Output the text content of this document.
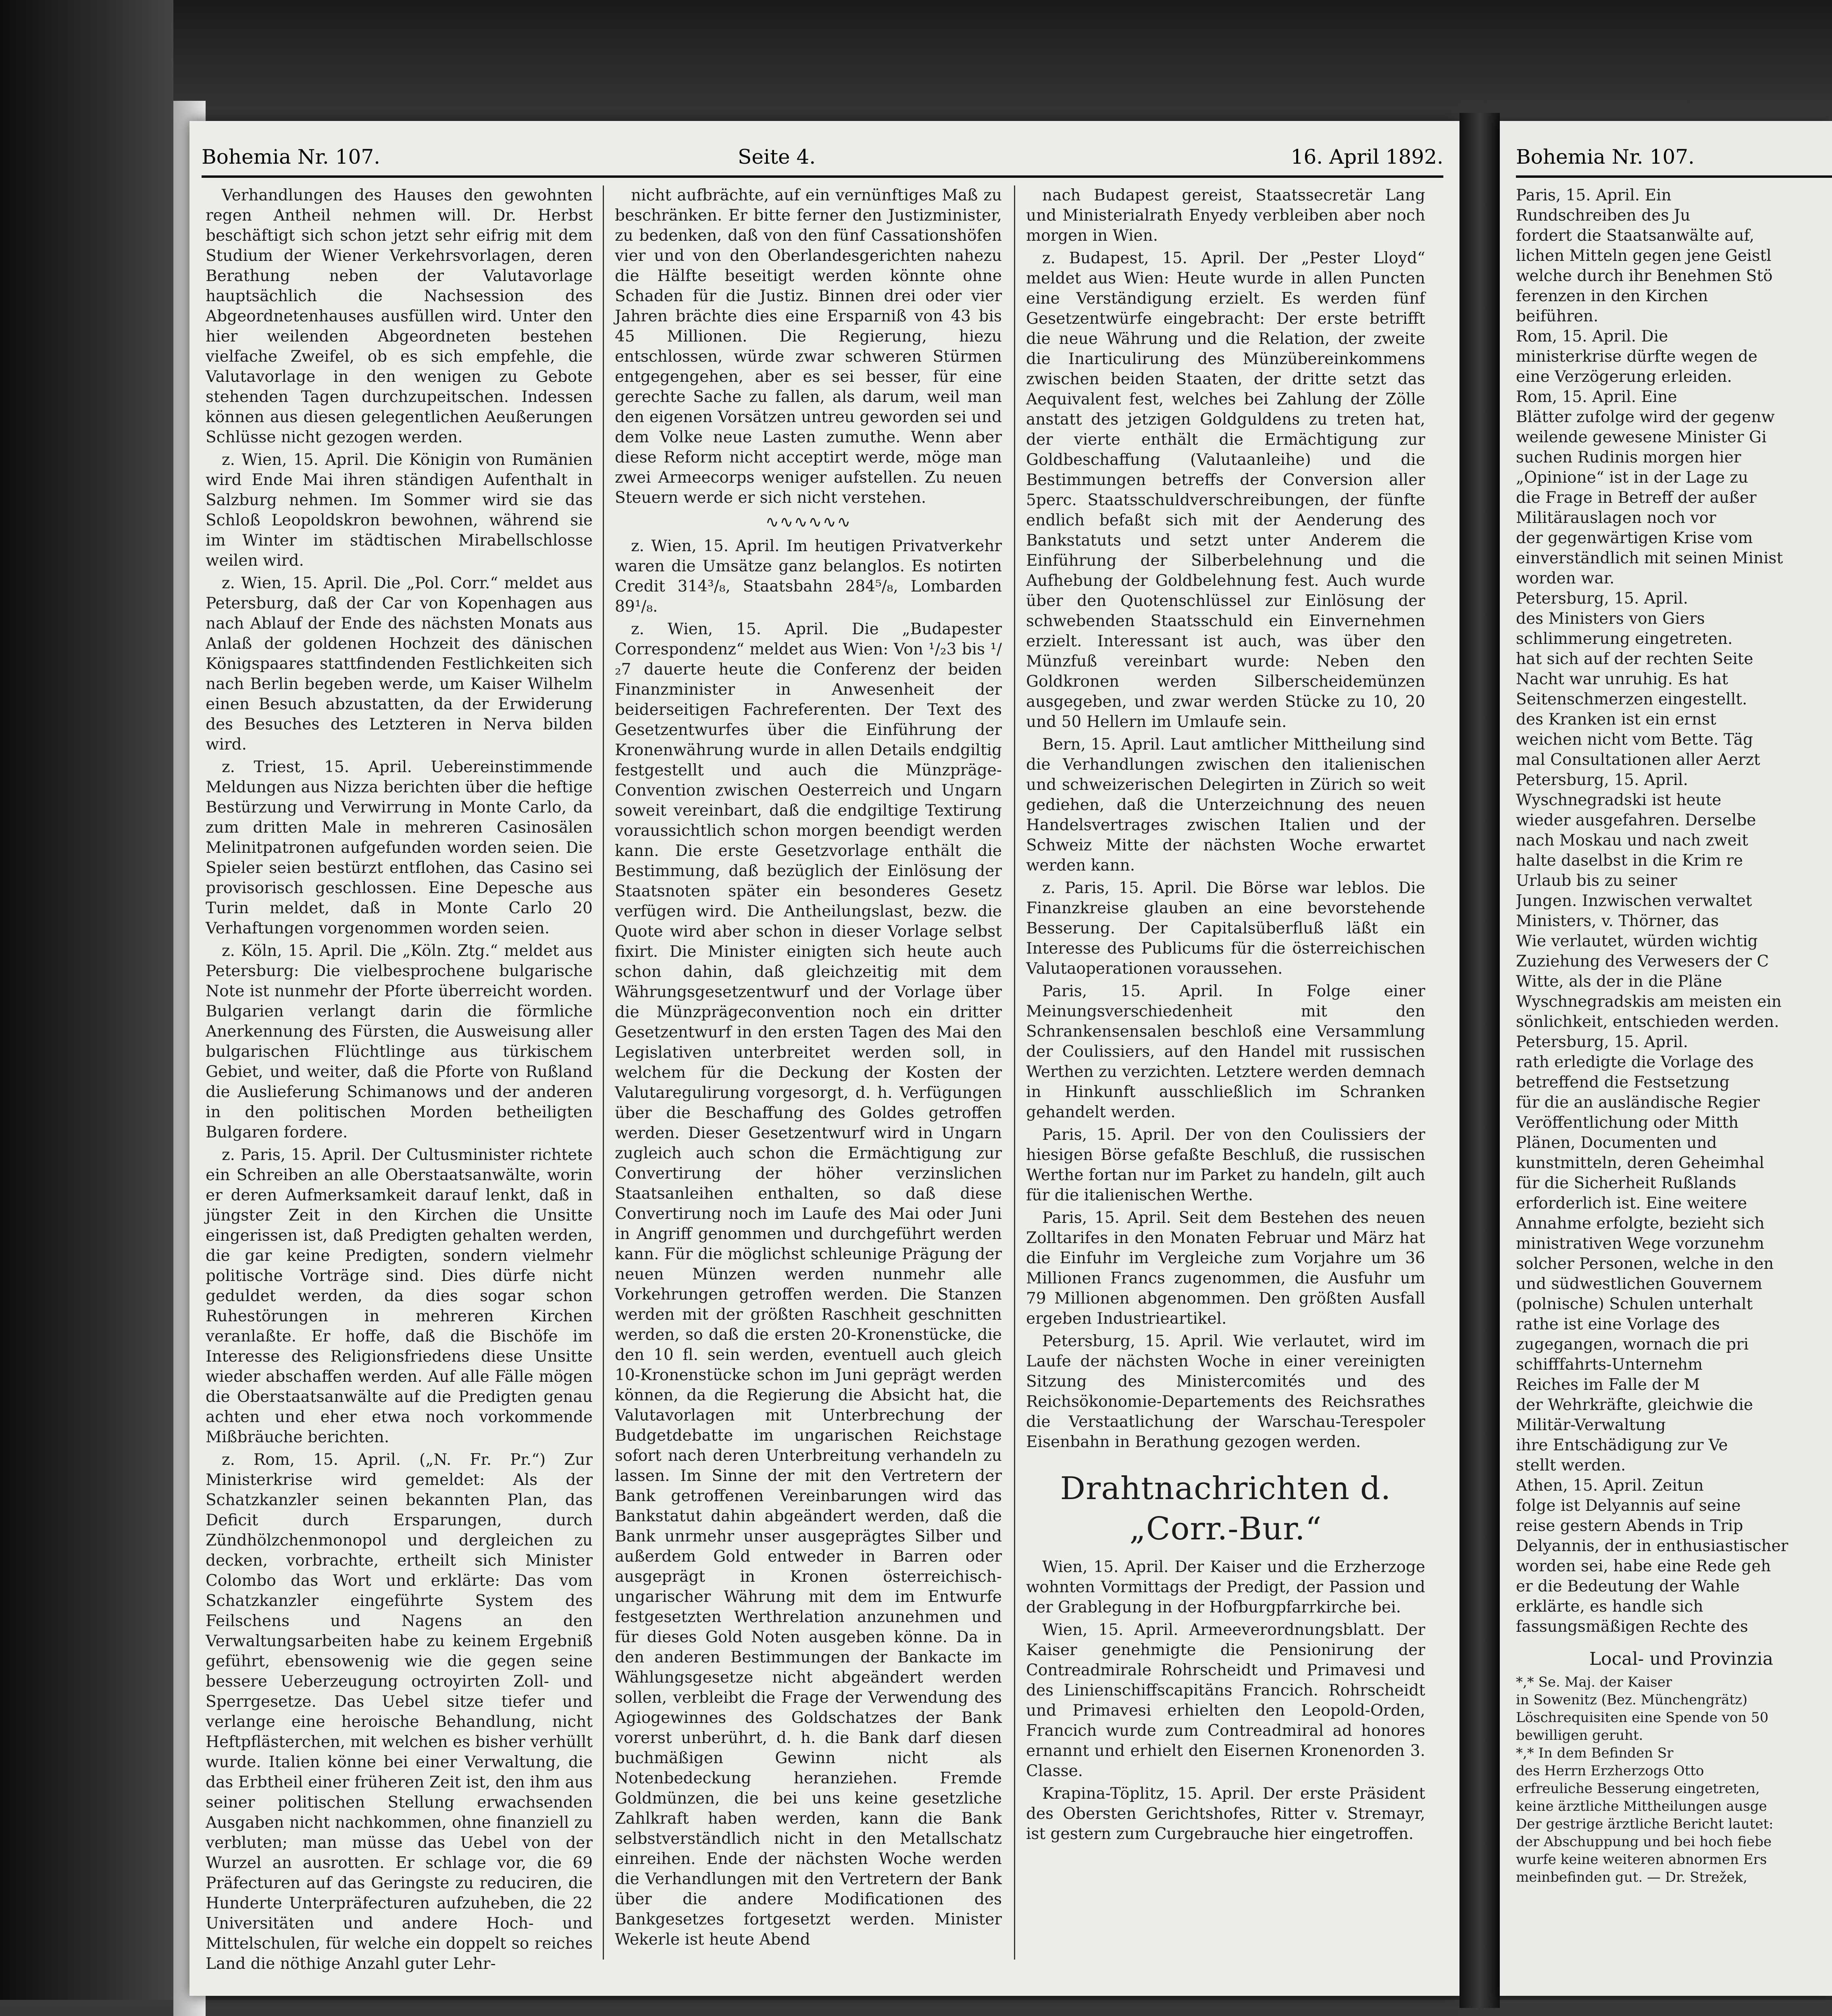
Bohemia Nr. 107.	Seite 4.	16. April 1892.

Verhandlungen des Hauses den gewohnten regen Antheil nehmen will. Dr. Herbst beschäftigt sich schon jetzt sehr eifrig mit dem Studium der Wiener Verkehrsvorlagen, deren Berathung neben der Valutavorlage hauptsächlich die Nachsession des Abgeordnetenhauses ausfüllen wird. Unter den hier weilenden Abgeordneten bestehen vielfache Zweifel, ob es sich empfehle, die Valutavorlage in den wenigen zu Gebote stehenden Tagen durchzupeitschen. Indessen können aus diesen gelegentlichen Aeußerungen Schlüsse nicht gezogen werden.

z. Wien, 15. April. Die Königin von Rumänien wird Ende Mai ihren ständigen Aufenthalt in Salzburg nehmen. Im Sommer wird sie das Schloß Leopoldskron bewohnen, während sie im Winter im städtischen Mirabellschlosse weilen wird.

z. Wien, 15. April. Die „Pol. Corr.“ meldet aus Petersburg, daß der Car von Kopenhagen aus nach Ablauf der Ende des nächsten Monats aus Anlaß der goldenen Hochzeit des dänischen Königspaares stattfindenden Festlichkeiten sich nach Berlin begeben werde, um Kaiser Wilhelm einen Besuch abzustatten, da der Erwiderung des Besuches des Letzteren in Nerva bilden wird.

z. Triest, 15. April. Uebereinstimmende Meldungen aus Nizza berichten über die heftige Bestürzung und Verwirrung in Monte Carlo, da zum dritten Male in mehreren Casinosälen Melinitpatronen aufgefunden worden seien. Die Spieler seien bestürzt entflohen, das Casino sei provisorisch geschlossen. Eine Depesche aus Turin meldet, daß in Monte Carlo 20 Verhaftungen vorgenommen worden seien.

z. Köln, 15. April. Die „Köln. Ztg.“ meldet aus Petersburg: Die vielbesprochene bulgarische Note ist nunmehr der Pforte überreicht worden. Bulgarien verlangt darin die förmliche Anerkennung des Fürsten, die Ausweisung aller bulgarischen Flüchtlinge aus türkischem Gebiet, und weiter, daß die Pforte von Rußland die Auslieferung Schimanows und der anderen in den politischen Morden betheiligten Bulgaren fordere.

z. Paris, 15. April. Der Cultusminister richtete ein Schreiben an alle Oberstaatsanwälte, worin er deren Aufmerksamkeit darauf lenkt, daß in jüngster Zeit in den Kirchen die Unsitte eingerissen ist, daß Predigten gehalten werden, die gar keine Predigten, sondern vielmehr politische Vorträge sind. Dies dürfe nicht geduldet werden, da dies sogar schon Ruhestörungen in mehreren Kirchen veranlaßte. Er hoffe, daß die Bischöfe im Interesse des Religionsfriedens diese Unsitte wieder abschaffen werden. Auf alle Fälle mögen die Oberstaatsanwälte auf die Predigten genau achten und eher etwa noch vorkommende Mißbräuche berichten.

z. Rom, 15. April. („N. Fr. Pr.“) Zur Ministerkrise wird gemeldet: Als der Schatzkanzler seinen bekannten Plan, das Deficit durch Ersparungen, durch Zündhölzchenmonopol und dergleichen zu decken, vorbrachte, ertheilt sich Minister Colombo das Wort und erklärte: Das vom Schatzkanzler eingeführte System des Feilschens und Nagens an den Verwaltungsarbeiten habe zu keinem Ergebniß geführt, ebensowenig wie die gegen seine bessere Ueberzeugung octroyirten Zoll- und Sperrgesetze. Das Uebel sitze tiefer und verlange eine heroische Behandlung, nicht Heftpflästerchen, mit welchen es bisher verhüllt wurde. Italien könne bei einer Verwaltung, die das Erbtheil einer früheren Zeit ist, den ihm aus seiner politischen Stellung erwachsenden Ausgaben nicht nachkommen, ohne finanziell zu verbluten; man müsse das Uebel von der Wurzel an ausrotten. Er schlage vor, die 69 Präfecturen auf das Geringste zu reduciren, die Hunderte Unterpräfecturen aufzuheben, die 22 Universitäten und andere Hoch- und Mittelschulen, für welche ein doppelt so reiches Land die nöthige Anzahl guter Lehr-

nicht aufbrächte, auf ein vernünftiges Maß zu beschränken. Er bitte ferner den Justizminister, zu bedenken, daß von den fünf Cassationshöfen vier und von den Oberlandesgerichten nahezu die Hälfte beseitigt werden könnte ohne Schaden für die Justiz. Binnen drei oder vier Jahren brächte dies eine Ersparniß von 43 bis 45 Millionen. Die Regierung, hiezu entschlossen, würde zwar schweren Stürmen entgegengehen, aber es sei besser, für eine gerechte Sache zu fallen, als darum, weil man den eigenen Vorsätzen untreu geworden sei und dem Volke neue Lasten zumuthe. Wenn aber diese Reform nicht acceptirt werde, möge man zwei Armeecorps weniger aufstellen. Zu neuen Steuern werde er sich nicht verstehen.

∿∿∿∿∿∿

z. Wien, 15. April. Im heutigen Privatverkehr waren die Umsätze ganz belanglos. Es notirten Credit 314³/₈, Staatsbahn 284⁵/₈, Lombarden 89¹/₈.

z. Wien, 15. April. Die „Budapester Correspondenz“ meldet aus Wien: Von ¹/₂3 bis ¹/₂7 dauerte heute die Conferenz der beiden Finanzminister in Anwesenheit der beiderseitigen Fachreferenten. Der Text des Gesetzentwurfes über die Einführung der Kronenwährung wurde in allen Details endgiltig festgestellt und auch die Münzpräge-Convention zwischen Oesterreich und Ungarn soweit vereinbart, daß die endgiltige Textirung voraussichtlich schon morgen beendigt werden kann. Die erste Gesetzvorlage enthält die Bestimmung, daß bezüglich der Einlösung der Staatsnoten später ein besonderes Gesetz verfügen wird. Die Antheilungslast, bezw. die Quote wird aber schon in dieser Vorlage selbst fixirt. Die Minister einigten sich heute auch schon dahin, daß gleichzeitig mit dem Währungsgesetzentwurf und der Vorlage über die Münzprägeconvention noch ein dritter Gesetzentwurf in den ersten Tagen des Mai den Legislativen unterbreitet werden soll, in welchem für die Deckung der Kosten der Valutaregulirung vorgesorgt, d. h. Verfügungen über die Beschaffung des Goldes getroffen werden. Dieser Gesetzentwurf wird in Ungarn zugleich auch schon die Ermächtigung zur Convertirung der höher verzinslichen Staatsanleihen enthalten, so daß diese Convertirung noch im Laufe des Mai oder Juni in Angriff genommen und durchgeführt werden kann. Für die möglichst schleunige Prägung der neuen Münzen werden nunmehr alle Vorkehrungen getroffen werden. Die Stanzen werden mit der größten Raschheit geschnitten werden, so daß die ersten 20-Kronenstücke, die den 10 fl. sein werden, eventuell auch gleich 10-Kronenstücke schon im Juni geprägt werden können, da die Regierung die Absicht hat, die Valutavorlagen mit Unterbrechung der Budgetdebatte im ungarischen Reichstage sofort nach deren Unterbreitung verhandeln zu lassen. Im Sinne der mit den Vertretern der Bank getroffenen Vereinbarungen wird das Bankstatut dahin abgeändert werden, daß die Bank unrmehr unser ausgeprägtes Silber und außerdem Gold entweder in Barren oder ausgeprägt in Kronen österreichisch-ungarischer Währung mit dem im Entwurfe festgesetzten Werthrelation anzunehmen und für dieses Gold Noten ausgeben könne. Da in den anderen Bestimmungen der Bankacte im Wählungsgesetze nicht abgeändert werden sollen, verbleibt die Frage der Verwendung des Agiogewinnes des Goldschatzes der Bank vorerst unberührt, d. h. die Bank darf diesen buchmäßigen Gewinn nicht als Notenbedeckung heranziehen. Fremde Goldmünzen, die bei uns keine gesetzliche Zahlkraft haben werden, kann die Bank selbstverständlich nicht in den Metallschatz einreihen. Ende der nächsten Woche werden die Verhandlungen mit den Vertretern der Bank über die andere Modificationen des Bankgesetzes fortgesetzt werden. Minister Wekerle ist heute Abend

nach Budapest gereist, Staatssecretär Lang und Ministerialrath Enyedy verbleiben aber noch morgen in Wien.

z. Budapest, 15. April. Der „Pester Lloyd“ meldet aus Wien: Heute wurde in allen Puncten eine Verständigung erzielt. Es werden fünf Gesetzentwürfe eingebracht: Der erste betrifft die neue Währung und die Relation, der zweite die Inarticulirung des Münzübereinkommens zwischen beiden Staaten, der dritte setzt das Aequivalent fest, welches bei Zahlung der Zölle anstatt des jetzigen Goldguldens zu treten hat, der vierte enthält die Ermächtigung zur Goldbeschaffung (Valutaanleihe) und die Bestimmungen betreffs der Conversion aller 5perc. Staatsschuldverschreibungen, der fünfte endlich befaßt sich mit der Aenderung des Bankstatuts und setzt unter Anderem die Einführung der Silberbelehnung und die Aufhebung der Goldbelehnung fest. Auch wurde über den Quotenschlüssel zur Einlösung der schwebenden Staatsschuld ein Einvernehmen erzielt. Interessant ist auch, was über den Münzfuß vereinbart wurde: Neben den Goldkronen werden Silberscheidemünzen ausgegeben, und zwar werden Stücke zu 10, 20 und 50 Hellern im Umlaufe sein.

Bern, 15. April. Laut amtlicher Mittheilung sind die Verhandlungen zwischen den italienischen und schweizerischen Delegirten in Zürich so weit gediehen, daß die Unterzeichnung des neuen Handelsvertrages zwischen Italien und der Schweiz Mitte der nächsten Woche erwartet werden kann.

z. Paris, 15. April. Die Börse war leblos. Die Finanzkreise glauben an eine bevorstehende Besserung. Der Capitalsüberfluß läßt ein Interesse des Publicums für die österreichischen Valutaoperationen voraussehen.

Paris, 15. April. In Folge einer Meinungsverschiedenheit mit den Schrankensensalen beschloß eine Versammlung der Coulissiers, auf den Handel mit russischen Werthen zu verzichten. Letztere werden demnach in Hinkunft ausschließlich im Schranken gehandelt werden.

Paris, 15. April. Der von den Coulissiers der hiesigen Börse gefaßte Beschluß, die russischen Werthe fortan nur im Parket zu handeln, gilt auch für die italienischen Werthe.

Paris, 15. April. Seit dem Bestehen des neuen Zolltarifes in den Monaten Februar und März hat die Einfuhr im Vergleiche zum Vorjahre um 36 Millionen Francs zugenommen, die Ausfuhr um 79 Millionen abgenommen. Den größten Ausfall ergeben Industrieartikel.

Petersburg, 15. April. Wie verlautet, wird im Laufe der nächsten Woche in einer vereinigten Sitzung des Ministercomités und des Reichsökonomie-Departements des Reichsrathes die Verstaatlichung der Warschau-Terespoler Eisenbahn in Berathung gezogen werden.

Drahtnachrichten d. „Corr.-Bur.“

Wien, 15. April. Der Kaiser und die Erzherzoge wohnten Vormittags der Predigt, der Passion und der Grablegung in der Hofburgpfarrkirche bei.

Wien, 15. April. Armeeverordnungsblatt. Der Kaiser genehmigte die Pensionirung der Contreadmirale Rohrscheidt und Primavesi und des Linienschiffscapitäns Francich. Rohrscheidt und Primavesi erhielten den Leopold-Orden, Francich wurde zum Contreadmiral ad honores ernannt und erhielt den Eisernen Kronenorden 3. Classe.

Krapina-Töplitz, 15. April. Der erste Präsident des Obersten Gerichtshofes, Ritter v. Stremayr, ist gestern zum Curgebrauche hier eingetroffen.

Bohemia Nr. 107.
Paris, 15. April. Ein
Rundschreiben des Ju
fordert die Staatsanwälte auf,
lichen Mitteln gegen jene Geistl
welche durch ihr Benehmen Stö
ferenzen in den Kirchen
beiführen.
Rom, 15. April. Die
ministerkrise dürfte wegen de
eine Verzögerung erleiden.
Rom, 15. April. Eine
Blätter zufolge wird der gegenw
weilende gewesene Minister Gi
suchen Rudinis morgen hier
„Opinione“ ist in der Lage zu
die Frage in Betreff der außer
Militärauslagen noch vor
der gegenwärtigen Krise vom
einverständlich mit seinen Minist
worden war.
Petersburg, 15. April.
des Ministers von Giers
schlimmerung eingetreten.
hat sich auf der rechten Seite
Nacht war unruhig. Es hat
Seitenschmerzen eingestellt.
des Kranken ist ein ernst
weichen nicht vom Bette. Täg
mal Consultationen aller Aerzt
Petersburg, 15. April.
Wyschnegradski ist heute
wieder ausgefahren. Derselbe
nach Moskau und nach zweit
halte daselbst in die Krim re
Urlaub bis zu seiner
Jungen. Inzwischen verwaltet
Ministers, v. Thörner, das
Wie verlautet, würden wichtig
Zuziehung des Verwesers der C
Witte, als der in die Pläne
Wyschnegradskis am meisten ein
sönlichkeit, entschieden werden.
Petersburg, 15. April.
rath erledigte die Vorlage des
betreffend die Festsetzung
für die an ausländische Regier
Veröffentlichung oder Mitth
Plänen, Documenten und
kunstmitteln, deren Geheimhal
für die Sicherheit Rußlands
erforderlich ist. Eine weitere
Annahme erfolgte, bezieht sich
ministrativen Wege vorzunehm
solcher Personen, welche in den
und südwestlichen Gouvernem
(polnische) Schulen unterhalt
rathe ist eine Vorlage des
zugegangen, wornach die pri
schifffahrts-Unternehm
Reiches im Falle der M
der Wehrkräfte, gleichwie die
Militär-Verwaltung
ihre Entschädigung zur Ve
stellt werden.
Athen, 15. April. Zeitun
folge ist Delyannis auf seine
reise gestern Abends in Trip
Delyannis, der in enthusiastischer
worden sei, habe eine Rede geh
er die Bedeutung der Wahle
erklärte, es handle sich
fassungsmäßigen Rechte des
Local- und Provinzia
*,* Se. Maj. der Kaiser
in Sowenitz (Bez. Münchengrätz)
Löschrequisiten eine Spende von 50
bewilligen geruht.
*,* In dem Befinden Sr
des Herrn Erzherzogs Otto
erfreuliche Besserung eingetreten,
keine ärztliche Mittheilungen ausge
Der gestrige ärztliche Bericht lautet:
der Abschuppung und bei hoch fiebe
wurfe keine weiteren abnormen Ers
meinbefinden gut. — Dr. Strežek,
